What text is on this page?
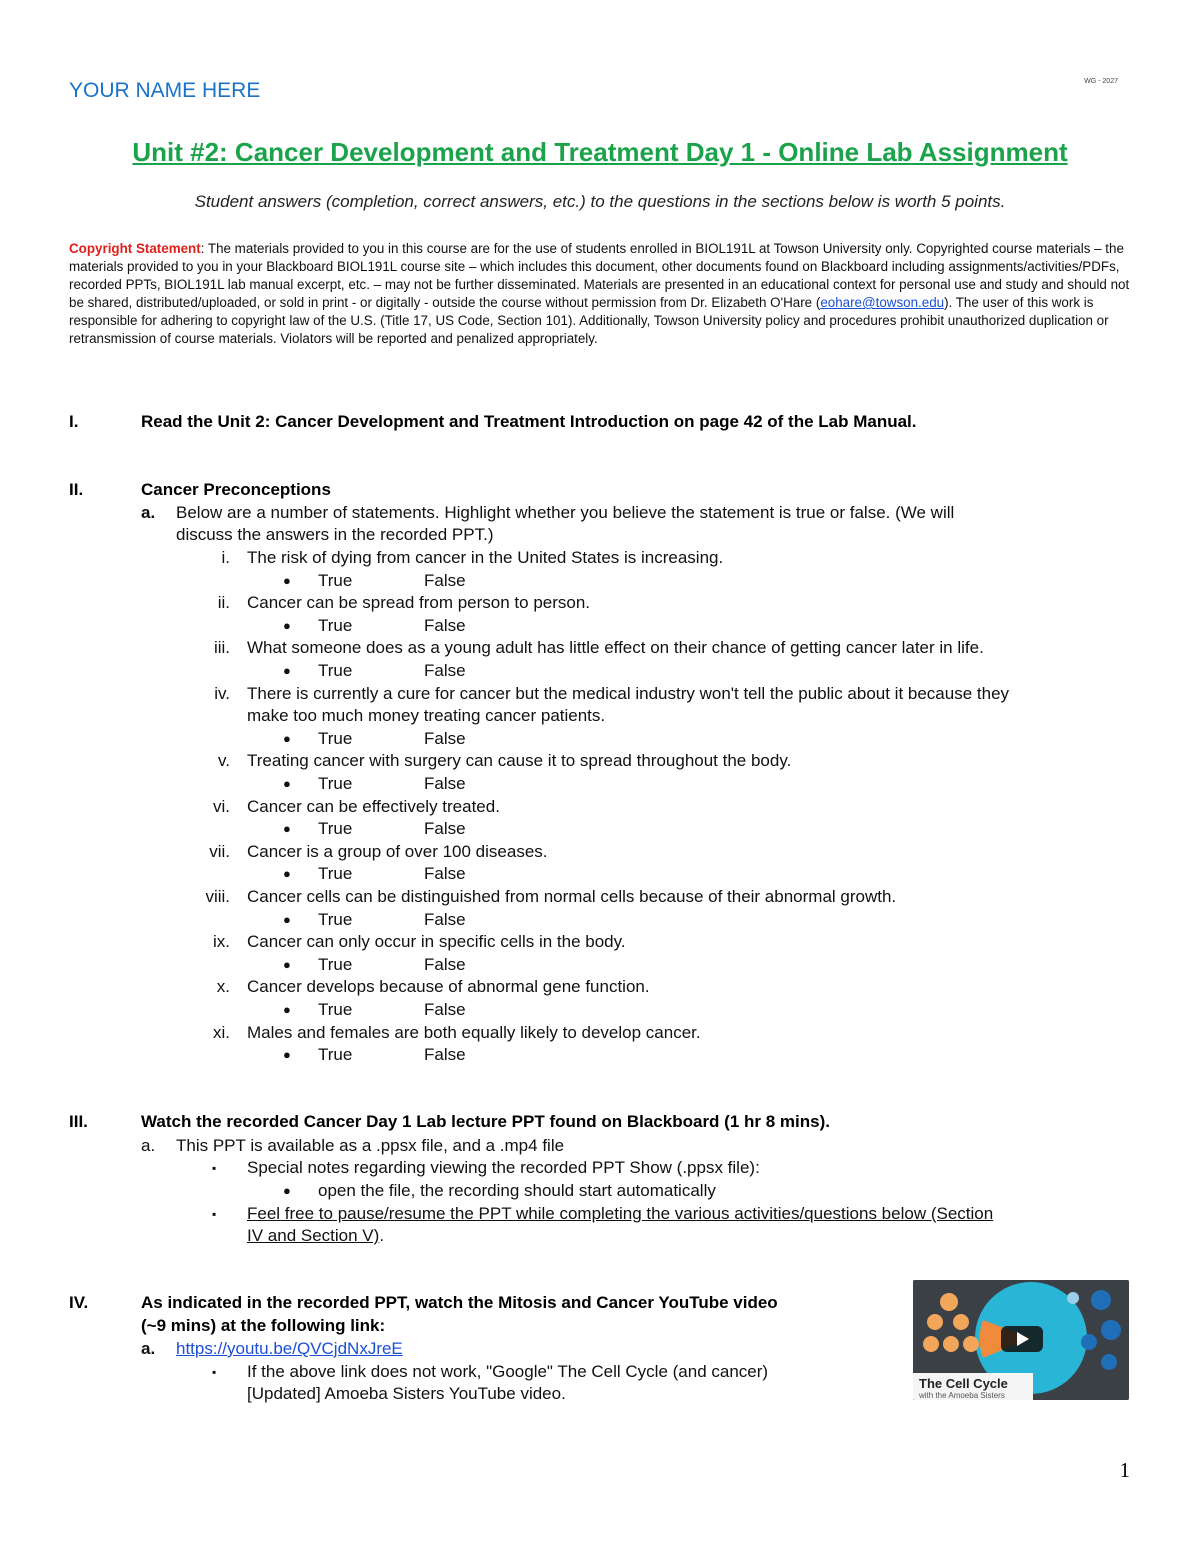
WG - 2027
YOUR NAME HERE
Unit #2: Cancer Development and Treatment Day 1 - Online Lab Assignment
Student answers (completion, correct answers, etc.) to the questions in the sections below is worth 5 points.
Copyright Statement: The materials provided to you in this course are for the use of students enrolled in BIOL191L at Towson University only. Copyrighted course materials – the materials provided to you in your Blackboard BIOL191L course site – which includes this document, other documents found on Blackboard including assignments/activities/PDFs, recorded PPTs, BIOL191L lab manual excerpt, etc. – may not be further disseminated. Materials are presented in an educational context for personal use and study and should not be shared, distributed/uploaded, or sold in print - or digitally - outside the course without permission from Dr. Elizabeth O'Hare (eohare@towson.edu). The user of this work is responsible for adhering to copyright law of the U.S. (Title 17, US Code, Section 101). Additionally, Towson University policy and procedures prohibit unauthorized duplication or retransmission of course materials. Violators will be reported and penalized appropriately.
I.	Read the Unit 2: Cancer Development and Treatment Introduction on page 42 of the Lab Manual.
II.	Cancer Preconceptions
a. Below are a number of statements. Highlight whether you believe the statement is true or false. (We will
discuss the answers in the recorded PPT.)
i. The risk of dying from cancer in the United States is increasing.
● True	False
ii. Cancer can be spread from person to person.
● True	False
iii. What someone does as a young adult has little effect on their chance of getting cancer later in life.
● True	False
iv. There is currently a cure for cancer but the medical industry won't tell the public about it because they
make too much money treating cancer patients.
● True	False
v. Treating cancer with surgery can cause it to spread throughout the body.
● True	False
vi. Cancer can be effectively treated.
● True	False
vii. Cancer is a group of over 100 diseases.
● True	False
viii. Cancer cells can be distinguished from normal cells because of their abnormal growth.
● True	False
ix. Cancer can only occur in specific cells in the body.
● True	False
x. Cancer develops because of abnormal gene function.
● True	False
xi. Males and females are both equally likely to develop cancer.
● True	False
III.	Watch the recorded Cancer Day 1 Lab lecture PPT found on Blackboard (1 hr 8 mins).
a. This PPT is available as a .ppsx file, and a .mp4 file
▪ Special notes regarding viewing the recorded PPT Show (.ppsx file):
● open the file, the recording should start automatically
▪ Feel free to pause/resume the PPT while completing the various activities/questions below (Section
IV and Section V).
IV.	As indicated in the recorded PPT, watch the Mitosis and Cancer YouTube video
(~9 mins) at the following link:
a. https://youtu.be/QVCjdNxJreE
▪ If the above link does not work, "Google" The Cell Cycle (and cancer)
[Updated] Amoeba Sisters YouTube video.
The Cell Cycle
with the Amoeba Sisters
1
